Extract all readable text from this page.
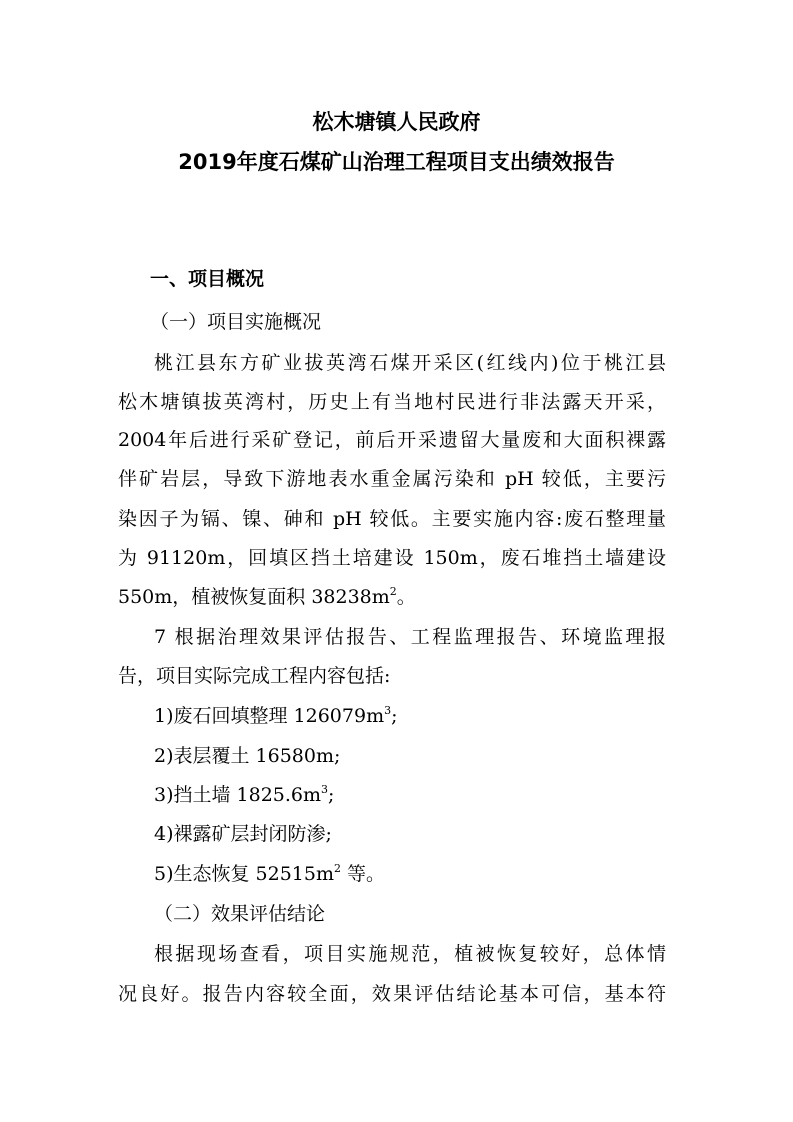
松木塘镇人民政府
2019年度石煤矿山治理工程项目支出绩效报告
一、项目概况
（一）项目实施概况
桃江县东方矿业拔英湾石煤开采区(红线内)位于桃江县
松木塘镇拔英湾村，历史上有当地村民进行非法露天开采，
2004年后进行采矿登记，前后开采遗留大量废和大面积裸露
伴矿岩层，导致下游地表水重金属污染和 pH 较低，主要污
染因子为镉、镍、砷和 pH 较低。主要实施内容:废石整理量
为 91120m，回填区挡土培建设 150m，废石堆挡土墙建设
550m，植被恢复面积 $38238m^2$。
7 根据治理效果评估报告、工程监理报告、环境监理报
告，项目实际完成工程内容包括:
1)废石回填整理 $126079m^3$;
2)表层覆土 16580m;
3)挡土墙 $1825.6m^3$;
4)裸露矿层封闭防渗;
5)生态恢复 $52515m^2$ 等。
（二）效果评估结论
根据现场查看，项目实施规范，植被恢复较好，总体情
况良好。报告内容较全面，效果评估结论基本可信，基本符
